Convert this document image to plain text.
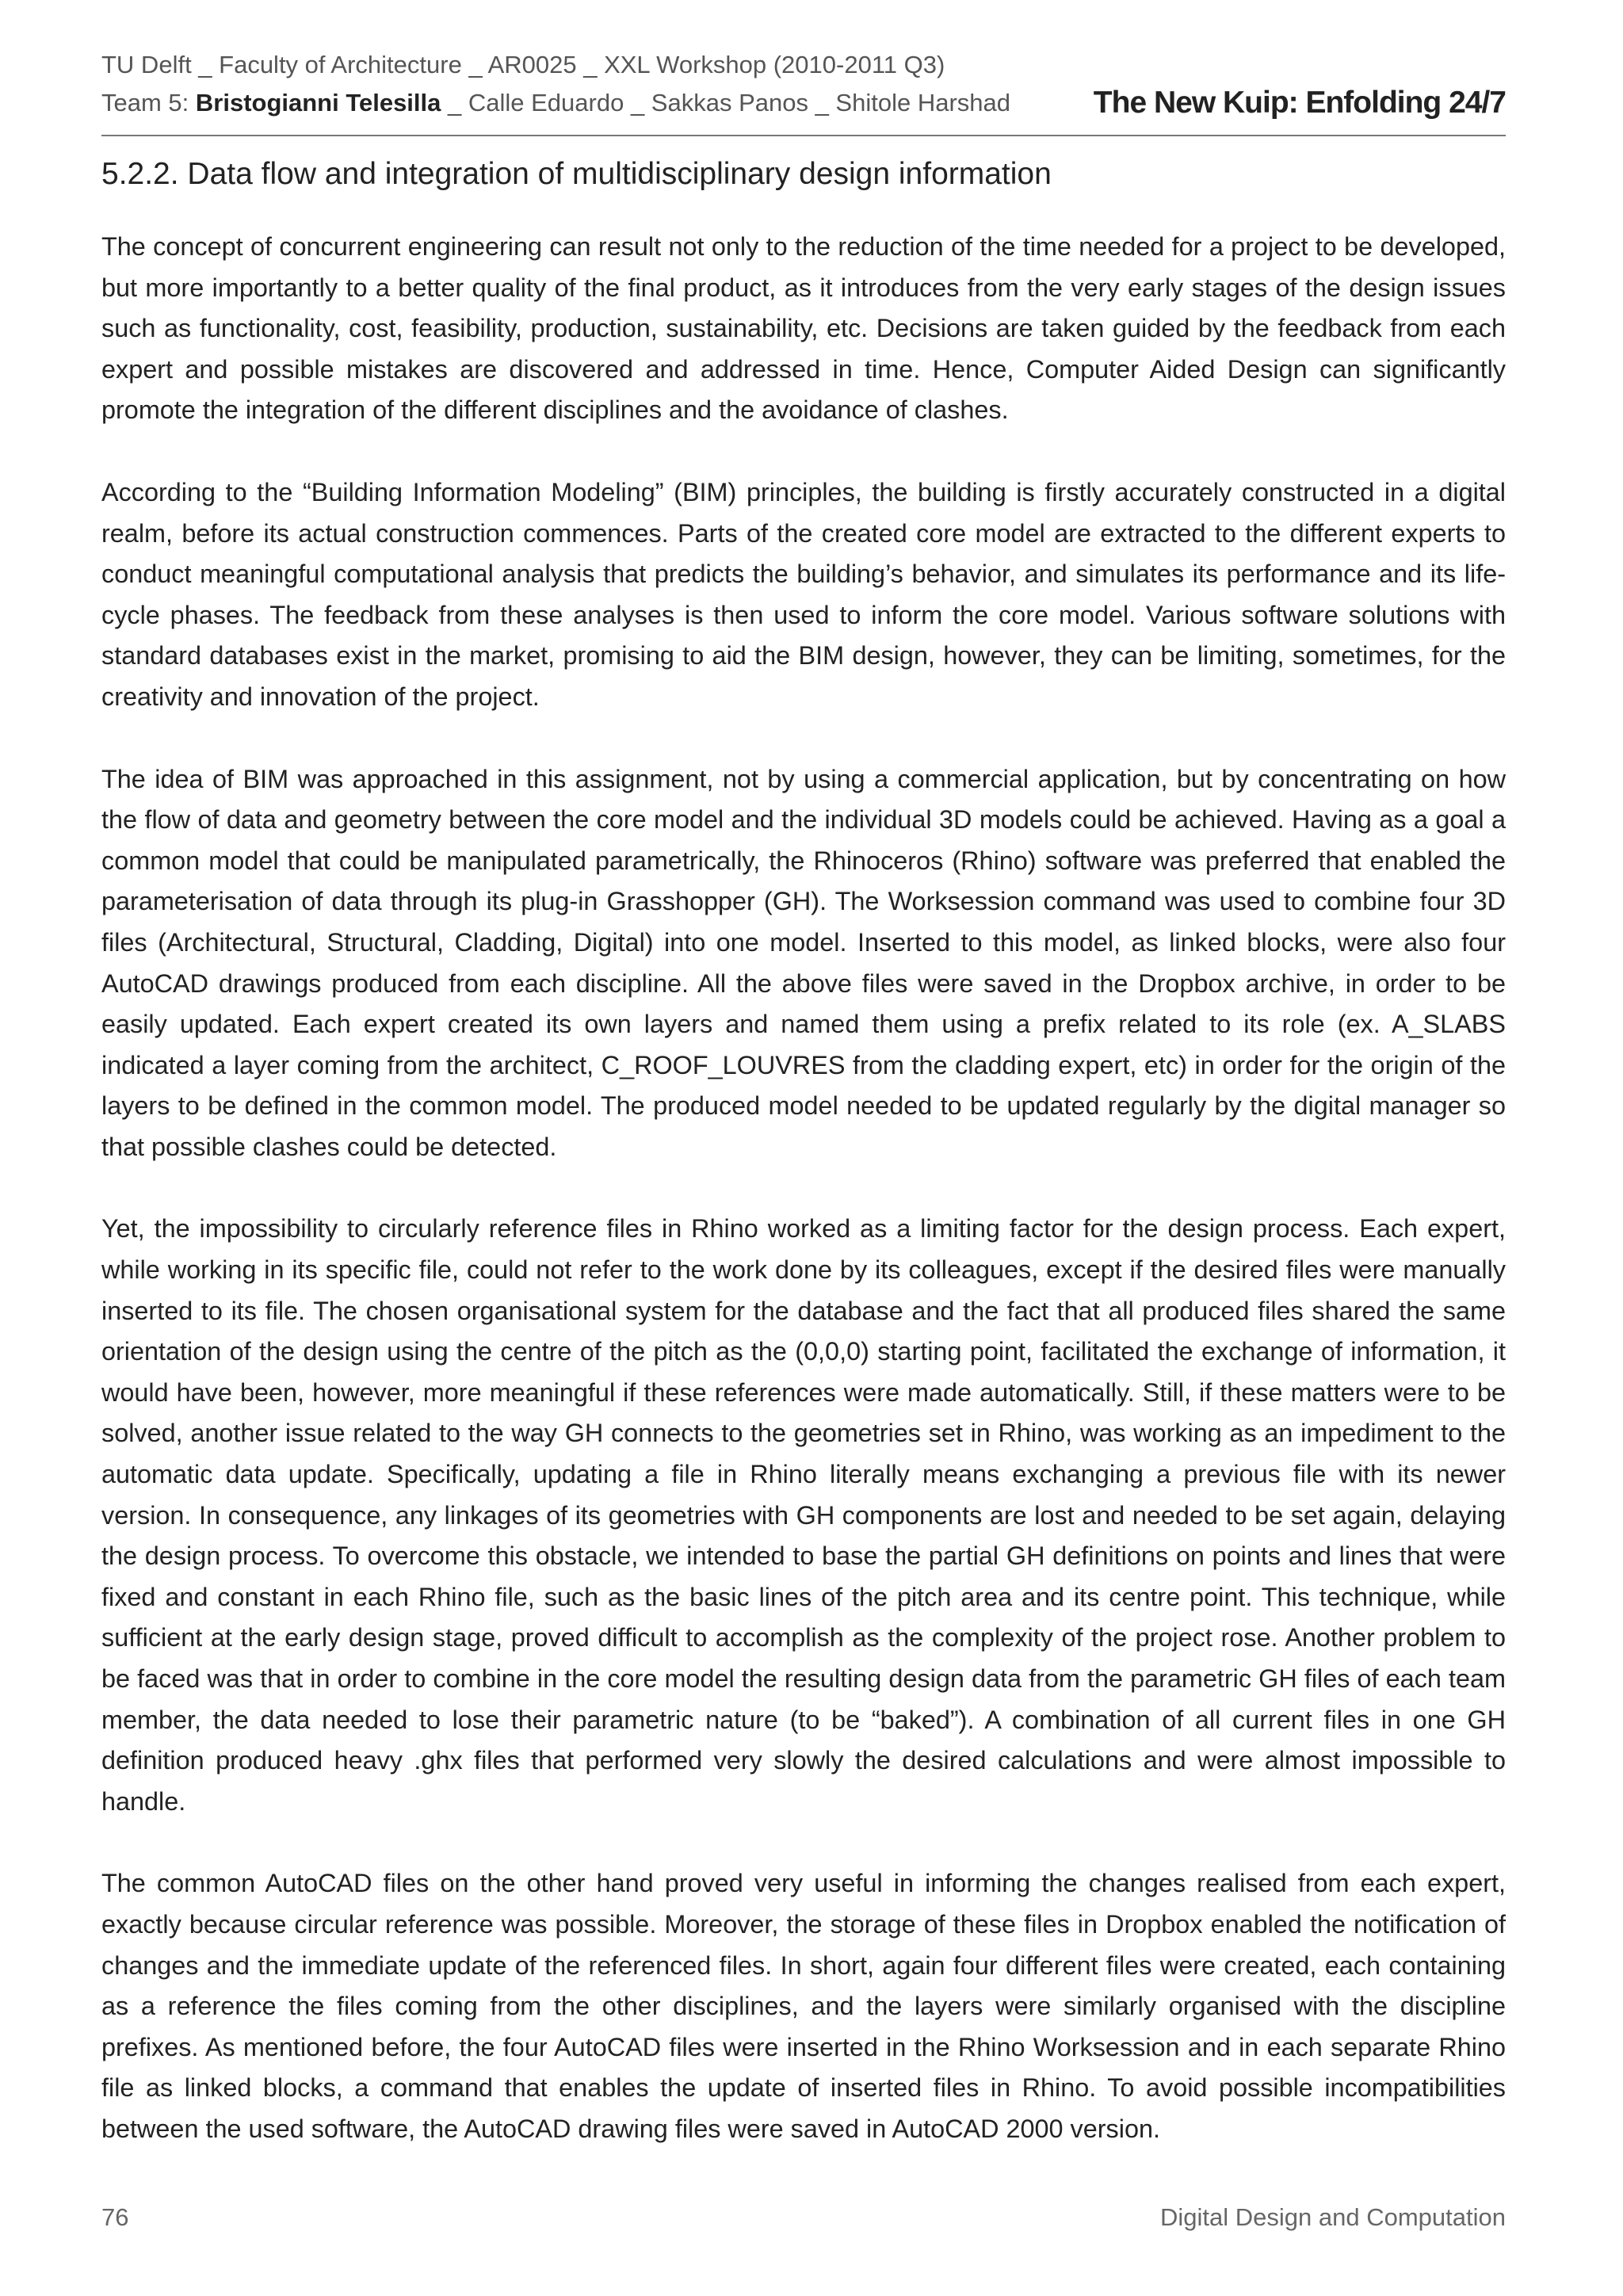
TU Delft _ Faculty of Architecture _ AR0025 _ XXL Workshop (2010-2011 Q3)
Team 5: Bristogianni Telesilla _ Calle Eduardo _ Sakkas Panos _ Shitole Harshad	The New Kuip: Enfolding 24/7
5.2.2. Data flow and integration of multidisciplinary design information

The concept of concurrent engineering can result not only to the reduction of the time needed for a project to be developed, but more importantly to a better quality of the final product, as it introduces from the very early stages of the design issues such as functionality, cost, feasibility, production, sustainability, etc. Decisions are taken guided by the feedback from each expert and possible mistakes are discovered and addressed in time. Hence, Computer Aided Design can significantly promote the integration of the different disciplines and the avoidance of clashes.

According to the “Building Information Modeling” (BIM) principles, the building is firstly accurately constructed in a digital realm, before its actual construction commences. Parts of the created core model are extracted to the different experts to conduct meaningful computational analysis that predicts the building’s behavior, and simulates its performance and its life-cycle phases. The feedback from these analyses is then used to inform the core model. Various software solutions with standard databases exist in the market, promising to aid the BIM design, however, they can be limiting, sometimes, for the creativity and innovation of the project.

The idea of BIM was approached in this assignment, not by using a commercial application, but by concentrating on how the flow of data and geometry between the core model and the individual 3D models could be achieved. Having as a goal a common model that could be manipulated parametrically, the Rhinoceros (Rhino) software was preferred that enabled the parameterisation of data through its plug-in Grasshopper (GH). The Worksession command was used to combine four 3D files (Architectural, Structural, Cladding, Digital) into one model. Inserted to this model, as linked blocks, were also four AutoCAD drawings produced from each discipline. All the above files were saved in the Dropbox archive, in order to be easily updated. Each expert created its own layers and named them using a prefix related to its role (ex. A_SLABS indicated a layer coming from the architect, C_ROOF_LOUVRES from the cladding expert, etc) in order for the origin of the layers to be defined in the common model. The produced model needed to be updated regularly by the digital manager so that possible clashes could be detected.

Yet, the impossibility to circularly reference files in Rhino worked as a limiting factor for the design process. Each expert, while working in its specific file, could not refer to the work done by its colleagues, except if the desired files were manually inserted to its file. The chosen organisational system for the database and the fact that all produced files shared the same orientation of the design using the centre of the pitch as the (0,0,0) starting point, facilitated the exchange of information, it would have been, however, more meaningful if these references were made automatically. Still, if these matters were to be solved, another issue related to the way GH connects to the geometries set in Rhino, was working as an impediment to the automatic data update. Specifically, updating a file in Rhino literally means exchanging a previous file with its newer version. In consequence, any linkages of its geometries with GH components are lost and needed to be set again, delaying the design process. To overcome this obstacle, we intended to base the partial GH definitions on points and lines that were fixed and constant in each Rhino file, such as the basic lines of the pitch area and its centre point. This technique, while sufficient at the early design stage, proved difficult to accomplish as the complexity of the project rose. Another problem to be faced was that in order to combine in the core model the resulting design data from the parametric GH files of each team member, the data needed to lose their parametric nature (to be “baked”). A combination of all current files in one GH definition produced heavy .ghx files that performed very slowly the desired calculations and were almost impossible to handle.

The common AutoCAD files on the other hand proved very useful in informing the changes realised from each expert, exactly because circular reference was possible. Moreover, the storage of these files in Dropbox enabled the notification of changes and the immediate update of the referenced files. In short, again four different files were created, each containing as a reference the files coming from the other disciplines, and the layers were similarly organised with the discipline prefixes. As mentioned before, the four AutoCAD files were inserted in the Rhino Worksession and in each separate Rhino file as linked blocks, a command that enables the update of inserted files in Rhino. To avoid possible incompatibilities between the used software, the AutoCAD drawing files were saved in AutoCAD 2000 version.

76	Digital Design and Computation
